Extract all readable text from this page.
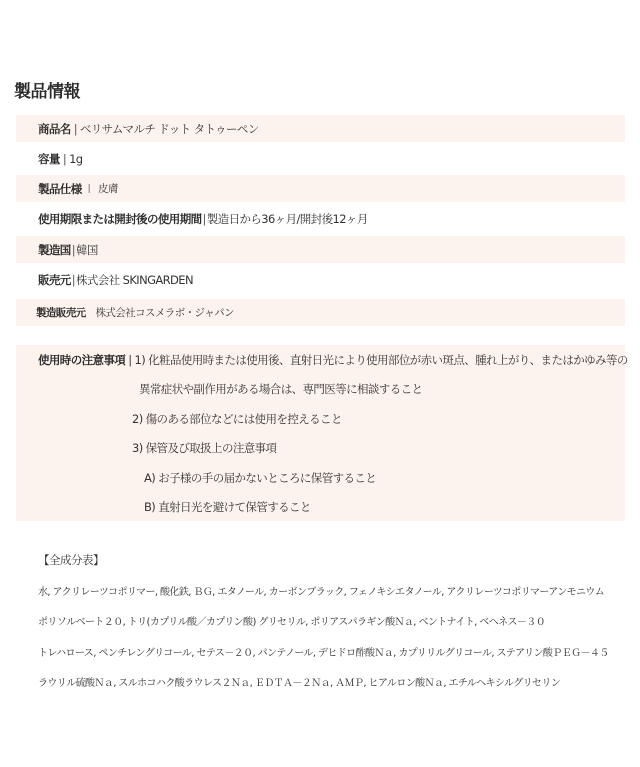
製品情報
商品名 | ベリサムマルチ ドット タトゥーペン
容量 | 1g
製品仕様 | 皮膚
使用期限または開封後の使用期間 | 製造日から36ヶ月/開封後12ヶ月
製造国 | 韓国
販売元 | 株式会社 SKINGARDEN
製造販売元 株式会社コスメラボ・ジャパン
使用時の注意事項 | 1) 化粧品使用時または使用後、直射日光により使用部位が赤い斑点、腫れ上がり、またはかゆみ等の
異常症状や副作用がある場合は、専門医等に相談すること
2) 傷のある部位などには使用を控えること
3) 保管及び取扱上の注意事項
A) お子様の手の届かないところに保管すること
B) 直射日光を避けて保管すること
【全成分表】
水, アクリレーツコポリマー, 酸化鉄, ＢＧ, エタノール, カーボンブラック, フェノキシエタノール, アクリレーツコポリマーアンモニウム
ポリソルベート２０, トリ(カプリル酸／カプリン酸) グリセリル, ポリアスパラギン酸Ｎａ, ベントナイト, ベヘネス－３０
トレハロース, ペンチレングリコール, セテス－２０, パンテノール, デヒドロ酢酸Ｎａ, カプリリルグリコール, ステアリン酸ＰＥＧ－４５
ラウリル硫酸Ｎａ, スルホコハク酸ラウレス２Ｎａ, ＥＤＴＡ－２Ｎａ, ＡＭＰ, ヒアルロン酸Ｎａ, エチルヘキシルグリセリン
